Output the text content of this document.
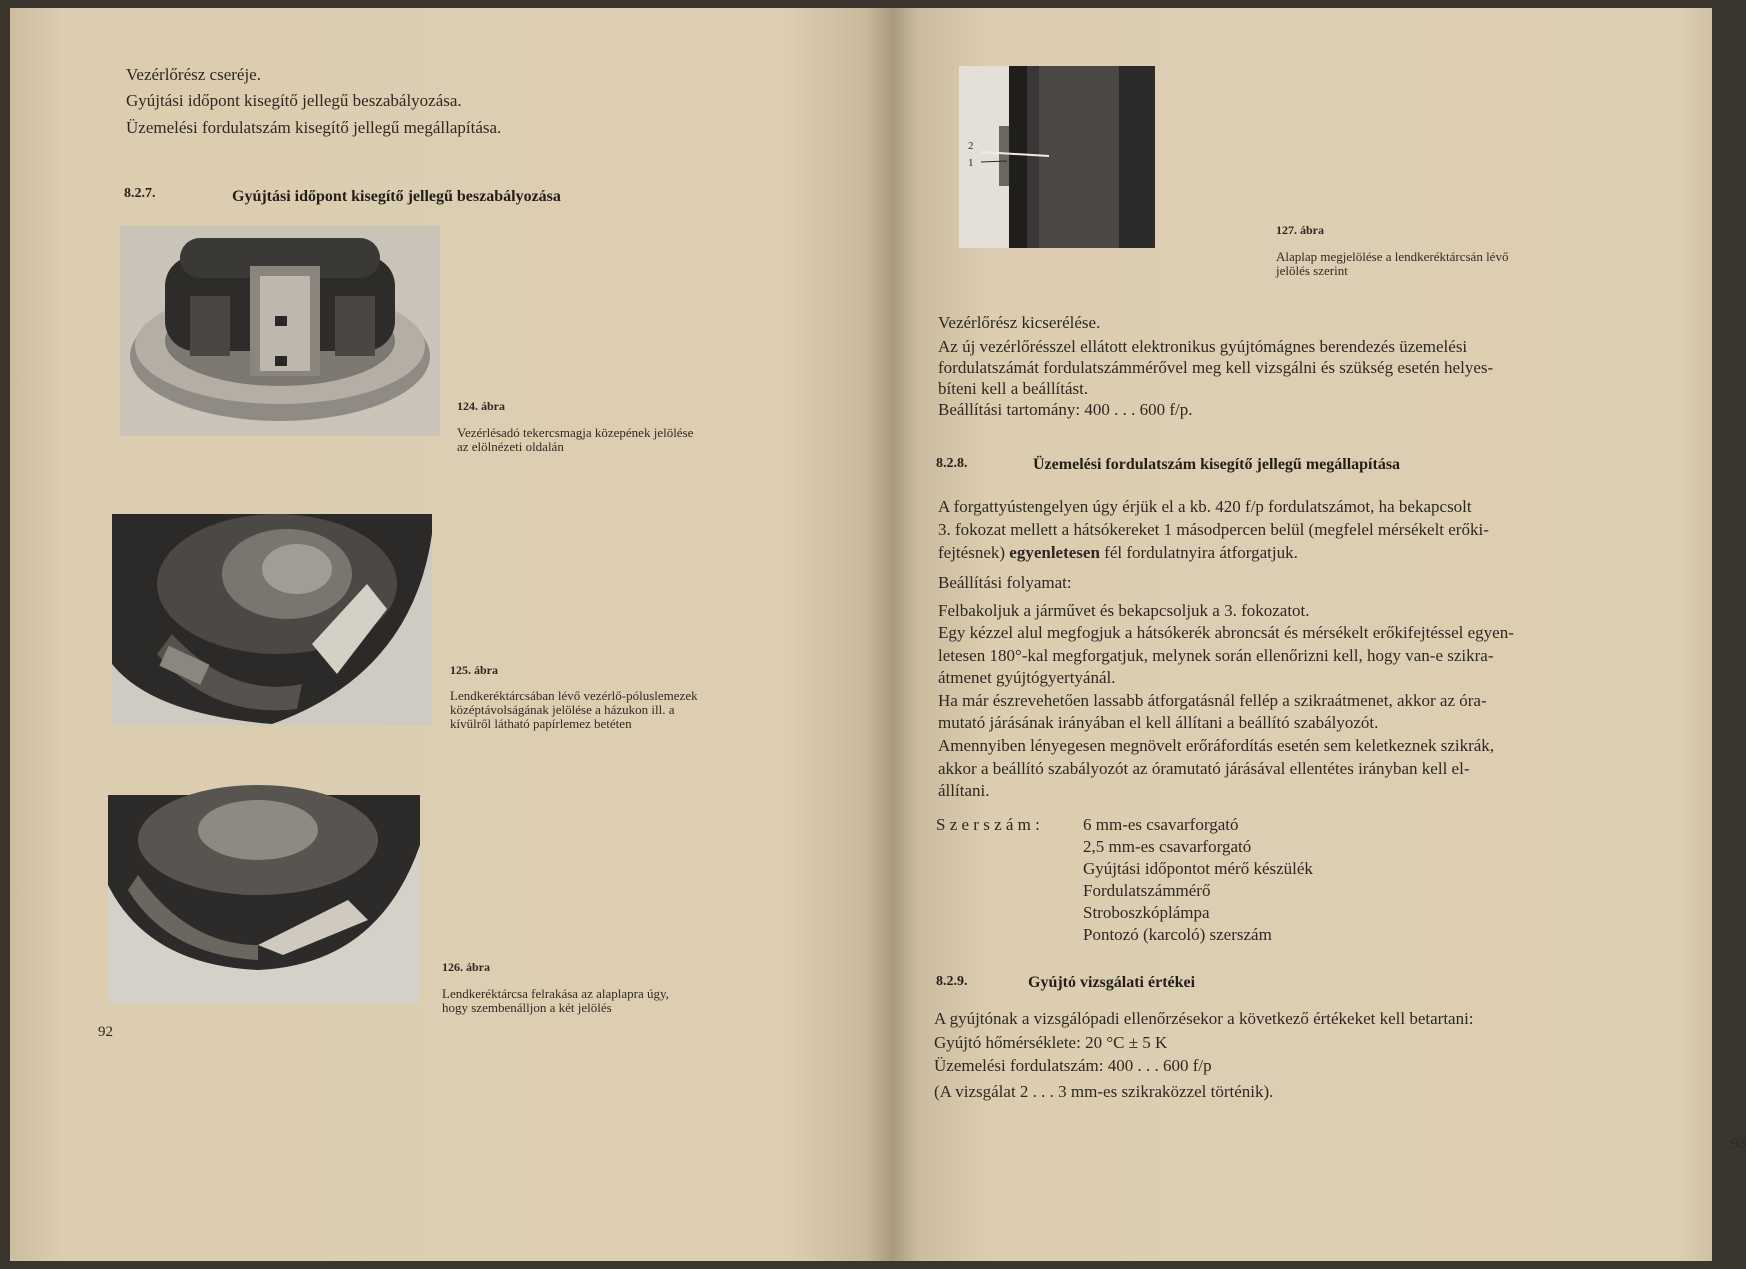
Vezérlőrész cseréje.
Gyújtási időpont kisegítő jellegű beszabályozása.
Üzemelési fordulatszám kisegítő jellegű megállapítása.
8.2.7.	Gyújtási időpont kisegítő jellegű beszabályozása
124. ábra
Vezérlésadó tekercsmagja közepének jelölése
az elölnézeti oldalán
125. ábra
Lendkeréktárcsában lévő vezérlő-póluslemezek
középtávolságának jelölése a házukon ill. a
kívülről látható papírlemez betéten
126. ábra
Lendkeréktárcsa felrakása az alaplapra úgy,
hogy szembenálljon a két jelölés
92
2
1
127. ábra
Alaplap megjelölése a lendkeréktárcsán lévő
jelölés szerint
Vezérlőrész kicserélése.
Az új vezérlőrésszel ellátott elektronikus gyújtómágnes berendezés üzemelési
fordulatszámát fordulatszámmérővel meg kell vizsgálni és szükség esetén helyes-
bíteni kell a beállítást.
Beállítási tartomány: 400 . . . 600 f/p.
8.2.8.	Üzemelési fordulatszám kisegítő jellegű megállapítása
A forgattyústengelyen úgy érjük el a kb. 420 f/p fordulatszámot, ha bekapcsolt
3. fokozat mellett a hátsókereket 1 másodpercen belül (megfelel mérsékelt erőki-
fejtésnek) egyenletesen fél fordulatnyira átforgatjuk.
Beállítási folyamat:
Felbakoljuk a járművet és bekapcsoljuk a 3. fokozatot.
Egy kézzel alul megfogjuk a hátsókerék abroncsát és mérsékelt erőkifejtéssel egyen-
letesen 180°-kal megforgatjuk, melynek során ellenőrizni kell, hogy van-e szikra-
átmenet gyújtógyertyánál.
Ha már észrevehetően lassabb átforgatásnál fellép a szikraátmenet, akkor az óra-
mutató járásának irányában el kell állítani a beállító szabályozót.
Amennyiben lényegesen megnövelt erőráfordítás esetén sem keletkeznek szikrák,
akkor a beállító szabályozót az óramutató járásával ellentétes irányban kell el-
állítani.
S z e r s z á m :	6 mm-es csavarforgató
2,5 mm-es csavarforgató
Gyújtási időpontot mérő készülék
Fordulatszámmérő
Stroboszkóplámpa
Pontozó (karcoló) szerszám
8.2.9.	Gyújtó vizsgálati értékei
A gyújtónak a vizsgálópadi ellenőrzésekor a következő értékeket kell betartani:
Gyújtó hőmérséklete: 20 °C ± 5 K
Üzemelési fordulatszám: 400 . . . 600 f/p
(A vizsgálat 2 . . . 3 mm-es szikraközzel történik).
93
